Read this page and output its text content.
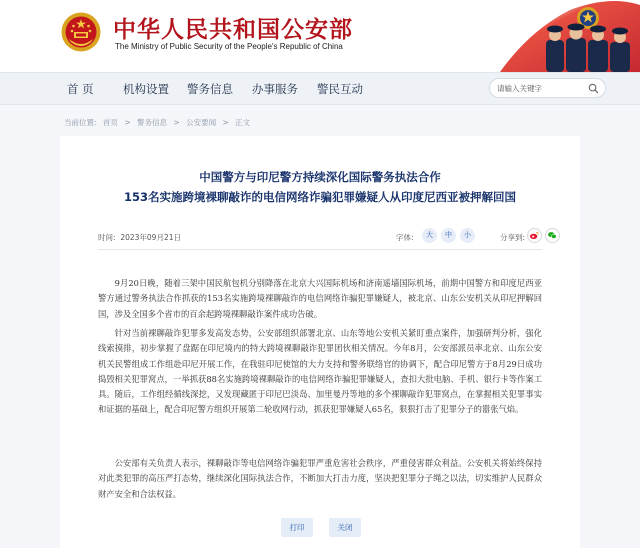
中华人民共和国公安部
The Ministry of Public Security of the People's Republic of China
首 页	机构设置 警务信息 办事服务 警民互动
请输入关键字
当前位置: 首页 > 警务信息 > 公安要闻 > 正文
中国警方与印尼警方持续深化国际警务执法合作
153名实施跨境裸聊敲诈的电信网络诈骗犯罪嫌疑人从印度尼西亚被押解回国
时间: 2023年09月21日	字体:	大	中	小	分享到:

9月20日晚，随着三架中国民航包机分别降落在北京大兴国际机场和济南遥墙国际机场，前期中国警方和印度尼西亚警方通过警务执法合作抓获的153名实施跨境裸聊敲诈的电信网络诈骗犯罪嫌疑人，被北京、山东公安机关从印尼押解回国，涉及全国多个省市的百余起跨境裸聊敲诈案件成功告破。

针对当前裸聊敲诈犯罪多发高发态势，公安部组织部署北京、山东等地公安机关紧盯重点案件，加强研判分析，强化线索摸排，初步掌握了盘踞在印尼境内的特大跨境裸聊敲诈犯罪团伙相关情况。今年8月，公安部派员率北京、山东公安机关民警组成工作组赴印尼开展工作，在我驻印尼使馆的大力支持和警务联络官的协调下，配合印尼警方于8月29日成功捣毁相关犯罪窝点，一举抓获88名实施跨境裸聊敲诈的电信网络诈骗犯罪嫌疑人，查扣大批电脑、手机、银行卡等作案工具。随后，工作组经循线深挖，又发现藏匿于印尼巴淡岛、加里曼丹等地的多个裸聊敲诈犯罪窝点，在掌握相关犯罪事实和证据的基础上，配合印尼警方组织开展第二轮收网行动，抓获犯罪嫌疑人65名，狠狠打击了犯罪分子的嚣张气焰。

公安部有关负责人表示，裸聊敲诈等电信网络诈骗犯罪严重危害社会秩序，严重侵害群众利益。公安机关将始终保持对此类犯罪的高压严打态势，继续深化国际执法合作，不断加大打击力度，坚决把犯罪分子绳之以法，切实维护人民群众财产安全和合法权益。

打印	关闭
